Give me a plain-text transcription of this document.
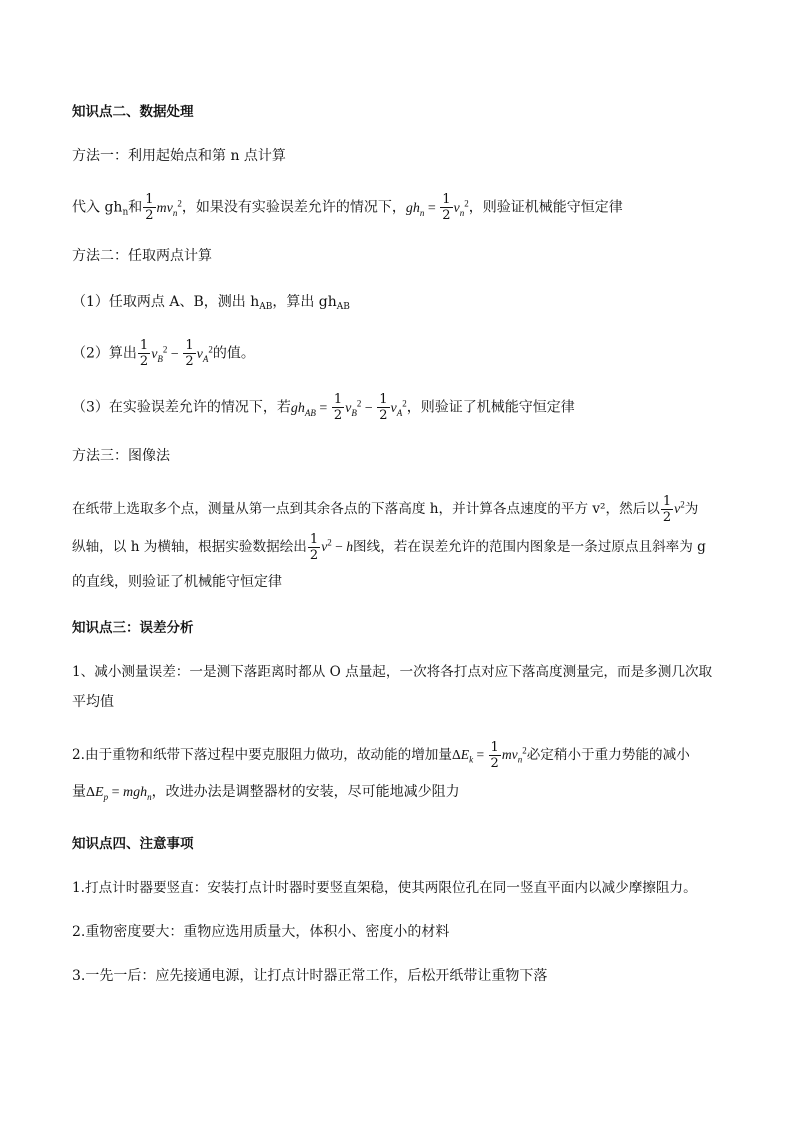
知识点二、数据处理
方法一：利用起始点和第 n 点计算
代入 $gh_n$和 $\frac{1}{2} mv_n^2$，如果没有实验误差允许的情况下，$gh_n = \frac{1}{2} v_n^2$，则验证机械能守恒定律
方法二：任取两点计算
（1）任取两点 A、B，测出 $h_{AB}$，算出 $gh_{AB}$
（2）算出 $\frac{1}{2} v_B^2 - \frac{1}{2} v_A^2$的值。
（3）在实验误差允许的情况下，若$gh_{AB} = \frac{1}{2} v_B^2 - \frac{1}{2} v_A^2$，则验证了机械能守恒定律
方法三：图像法
在纸带上选取多个点，测量从第一点到其余各点的下落高度 h，并计算各点速度的平方 v²，然后以 $\frac{1}{2} v^2$为
纵轴，以 h 为横轴，根据实验数据绘出 $\frac{1}{2} v^2 - h$图线，若在误差允许的范围内图象是一条过原点且斜率为 g
的直线，则验证了机械能守恒定律
知识点三：误差分析
1、减小测量误差：一是测下落距离时都从 O 点量起，一次将各打点对应下落高度测量完，而是多测几次取
平均值
2.由于重物和纸带下落过程中要克服阻力做功，故动能的增加量$\Delta E_k = \frac{1}{2} mv_n^2$必定稍小于重力势能的减小
量$\Delta E_p = mgh_n$，改进办法是调整器材的安装，尽可能地减少阻力
知识点四、注意事项
1.打点计时器要竖直：安装打点计时器时要竖直架稳，使其两限位孔在同一竖直平面内以减少摩擦阻力。
2.重物密度要大：重物应选用质量大，体积小、密度小的材料
3.一先一后：应先接通电源，让打点计时器正常工作，后松开纸带让重物下落
